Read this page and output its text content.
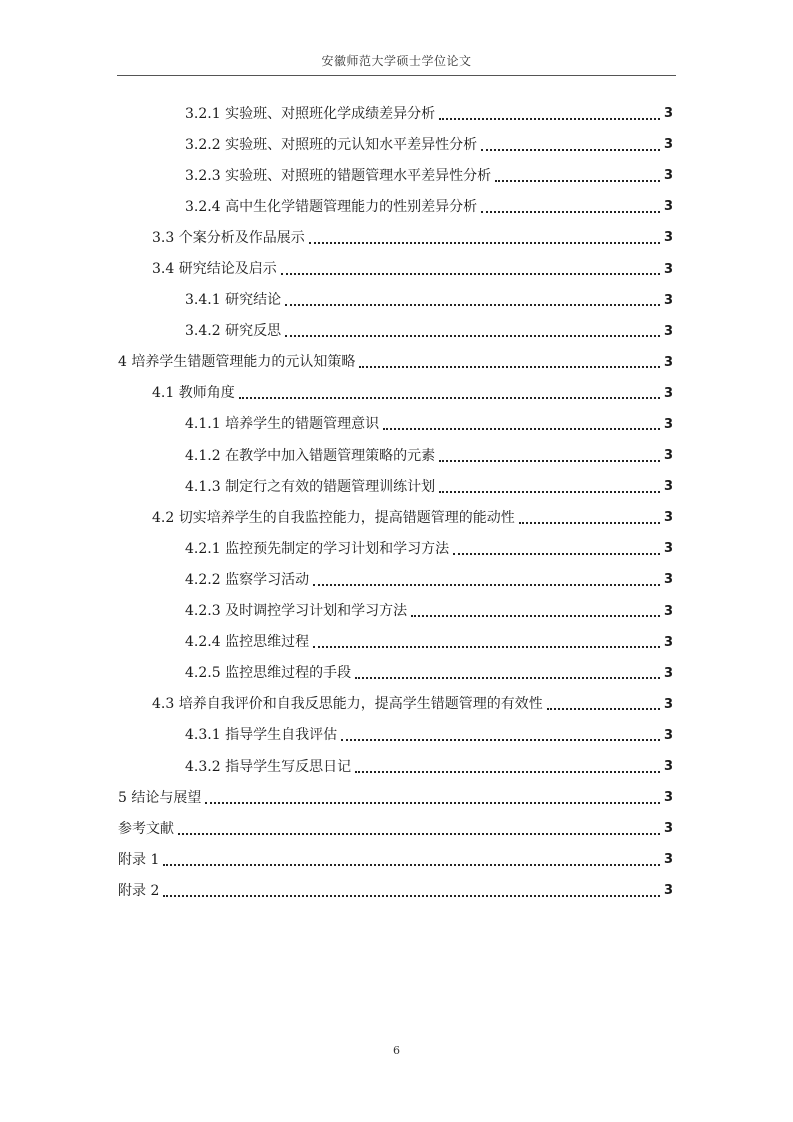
安徽师范大学硕士学位论文
3.2.1 实验班、对照班化学成绩差异分析	3
3.2.2 实验班、对照班的元认知水平差异性分析	3
3.2.3 实验班、对照班的错题管理水平差异性分析	3
3.2.4 高中生化学错题管理能力的性别差异分析	3
3.3 个案分析及作品展示	3
3.4 研究结论及启示	3
3.4.1 研究结论	3
3.4.2 研究反思	3
4 培养学生错题管理能力的元认知策略	3
4.1 教师角度	3
4.1.1 培养学生的错题管理意识	3
4.1.2 在教学中加入错题管理策略的元素	3
4.1.3 制定行之有效的错题管理训练计划	3
4.2 切实培养学生的自我监控能力，提高错题管理的能动性	3
4.2.1 监控预先制定的学习计划和学习方法	3
4.2.2 监察学习活动	3
4.2.3 及时调控学习计划和学习方法	3
4.2.4 监控思维过程	3
4.2.5 监控思维过程的手段	3
4.3 培养自我评价和自我反思能力，提高学生错题管理的有效性	3
4.3.1 指导学生自我评估	3
4.3.2 指导学生写反思日记	3
5 结论与展望	3
参考文献	3
附录 1	3
附录 2	3
6
